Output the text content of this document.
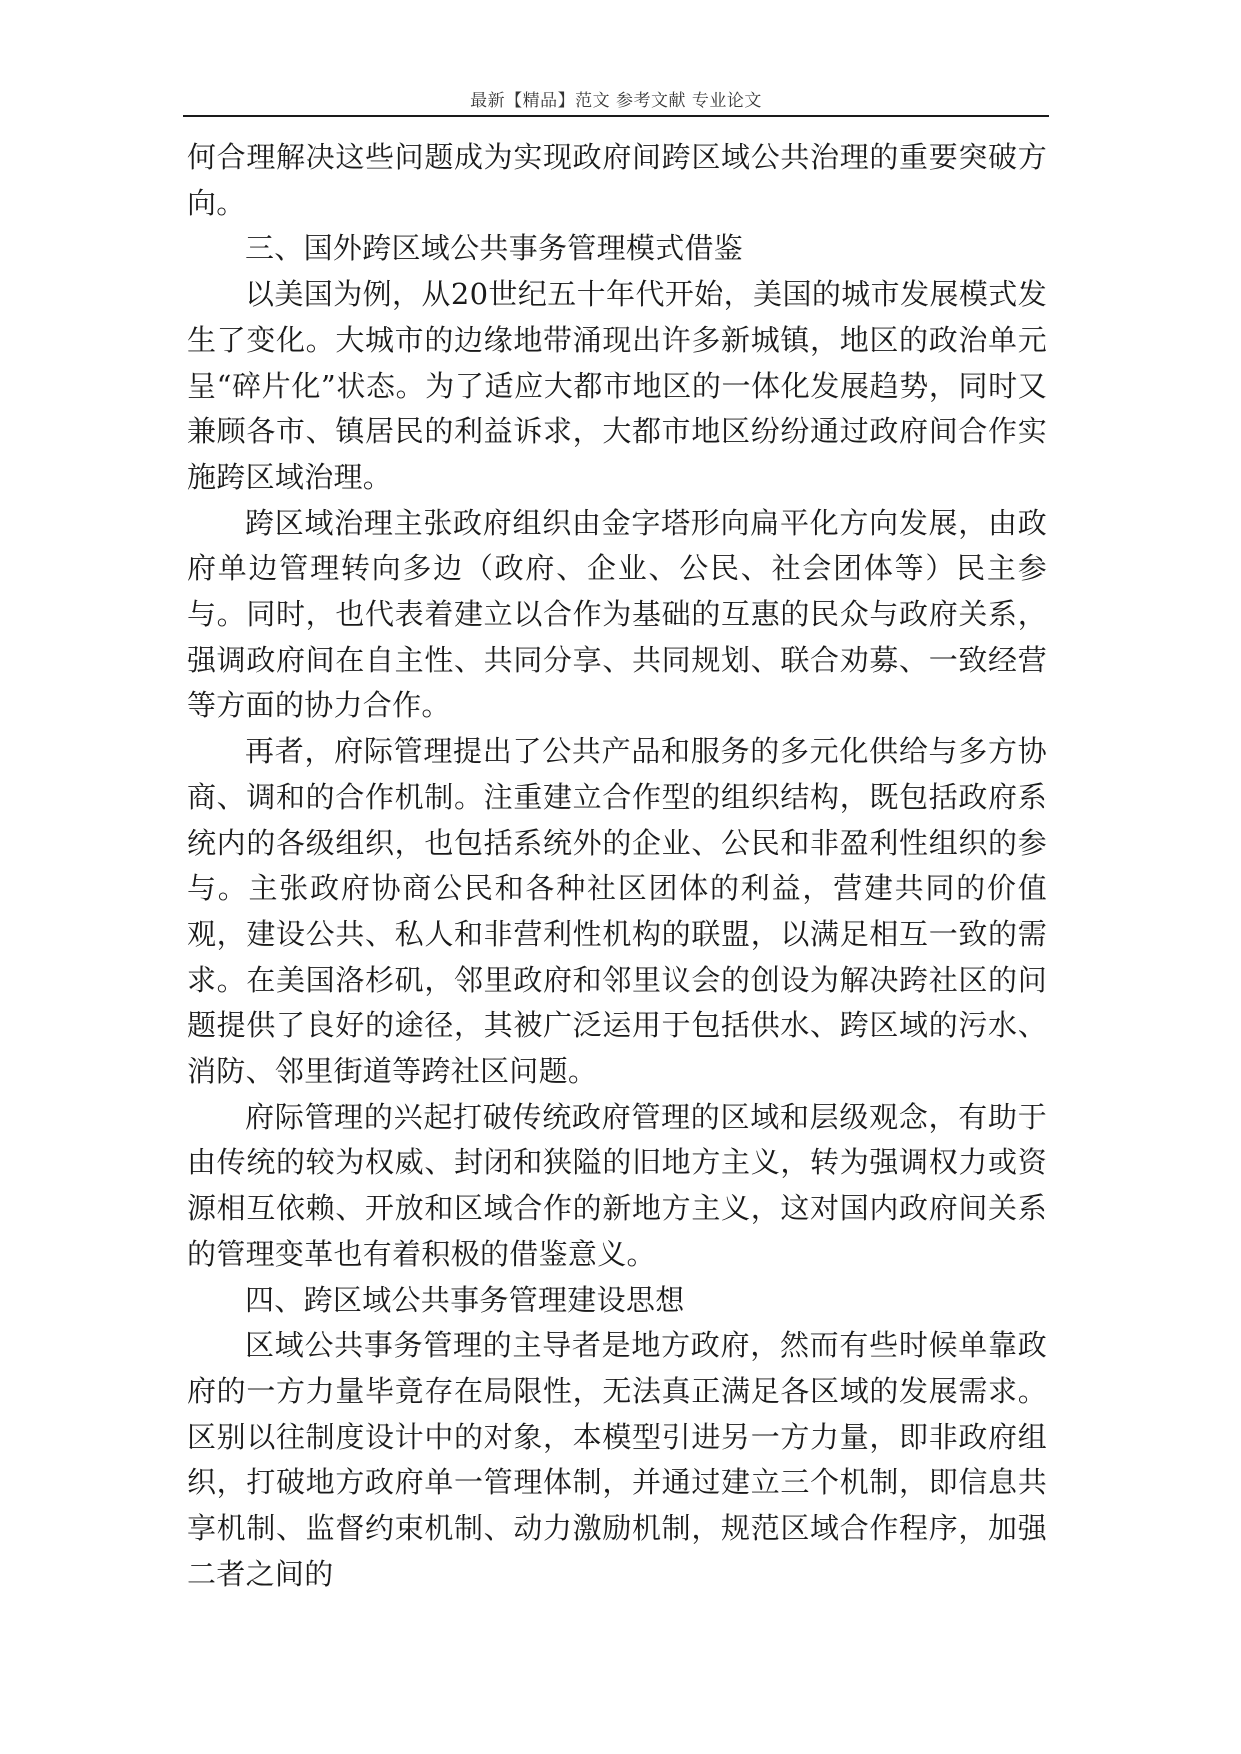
最新【精品】范文 参考文献 专业论文

何合理解决这些问题成为实现政府间跨区域公共治理的重要突破方向。

三、国外跨区域公共事务管理模式借鉴

以美国为例，从20世纪五十年代开始，美国的城市发展模式发生了变化。大城市的边缘地带涌现出许多新城镇，地区的政治单元呈“碎片化”状态。为了适应大都市地区的一体化发展趋势，同时又兼顾各市、镇居民的利益诉求，大都市地区纷纷通过政府间合作实施跨区域治理。

跨区域治理主张政府组织由金字塔形向扁平化方向发展，由政府单边管理转向多边（政府、企业、公民、社会团体等）民主参与。同时，也代表着建立以合作为基础的互惠的民众与政府关系，强调政府间在自主性、共同分享、共同规划、联合劝募、一致经营等方面的协力合作。

再者，府际管理提出了公共产品和服务的多元化供给与多方协商、调和的合作机制。注重建立合作型的组织结构，既包括政府系统内的各级组织，也包括系统外的企业、公民和非盈利性组织的参与。主张政府协商公民和各种社区团体的利益，营建共同的价值观，建设公共、私人和非营利性机构的联盟，以满足相互一致的需求。在美国洛杉矶，邻里政府和邻里议会的创设为解决跨社区的问题提供了良好的途径，其被广泛运用于包括供水、跨区域的污水、消防、邻里街道等跨社区问题。

府际管理的兴起打破传统政府管理的区域和层级观念，有助于由传统的较为权威、封闭和狭隘的旧地方主义，转为强调权力或资源相互依赖、开放和区域合作的新地方主义，这对国内政府间关系的管理变革也有着积极的借鉴意义。

四、跨区域公共事务管理建设思想

区域公共事务管理的主导者是地方政府，然而有些时候单靠政府的一方力量毕竟存在局限性，无法真正满足各区域的发展需求。区别以往制度设计中的对象，本模型引进另一方力量，即非政府组织，打破地方政府单一管理体制，并通过建立三个机制，即信息共享机制、监督约束机制、动力激励机制，规范区域合作程序，加强二者之间的
